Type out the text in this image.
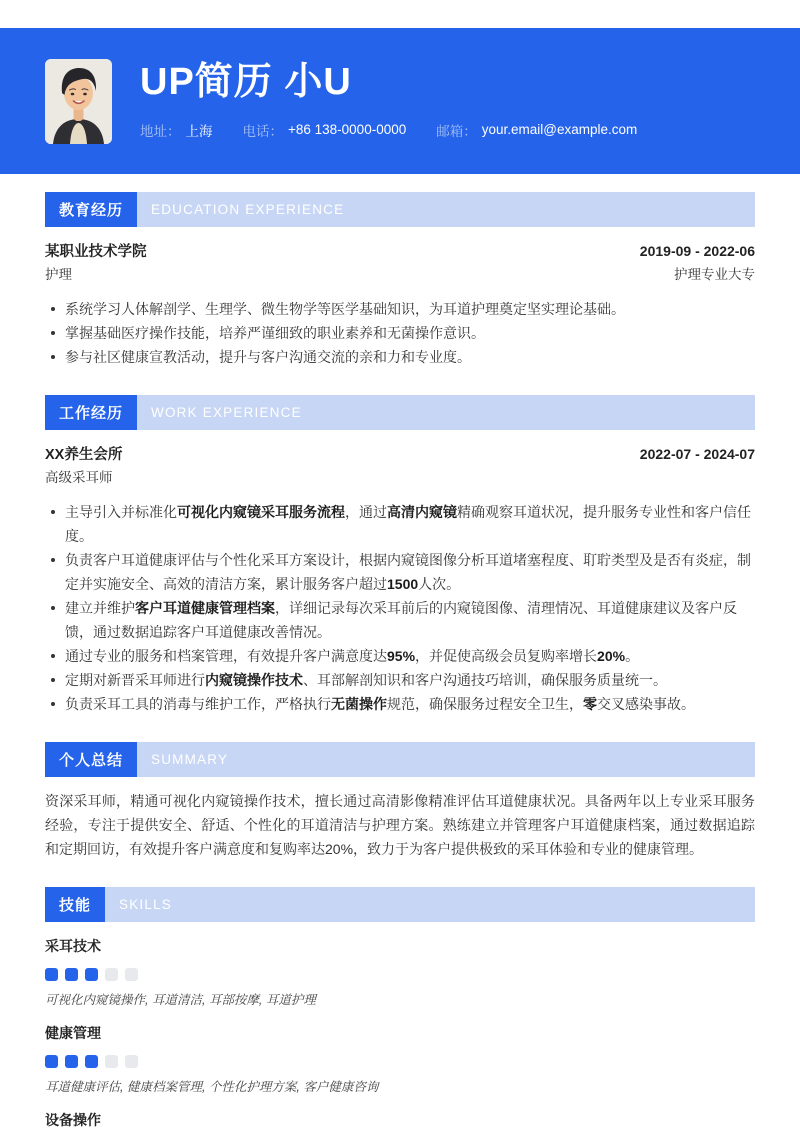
UP简历 小U
地址： 上海 电话： +86 138-0000-0000 邮箱： your.email@example.com
教育经历	EDUCATION EXPERIENCE
某职业技术学院	2019-09 - 2022-06
护理	护理专业大专
系统学习人体解剖学、生理学、微生物学等医学基础知识，为耳道护理奠定坚实理论基础。
掌握基础医疗操作技能，培养严谨细致的职业素养和无菌操作意识。
参与社区健康宣教活动，提升与客户沟通交流的亲和力和专业度。
工作经历	WORK EXPERIENCE
XX养生会所	2022-07 - 2024-07
高级采耳师
主导引入并标准化可视化内窥镜采耳服务流程，通过高清内窥镜精确观察耳道状况，提升服务专业性和客户信任度。
负责客户耳道健康评估与个性化采耳方案设计，根据内窥镜图像分析耳道堵塞程度、耵聍类型及是否有炎症，制定并实施安全、高效的清洁方案，累计服务客户超过1500人次。
建立并维护客户耳道健康管理档案，详细记录每次采耳前后的内窥镜图像、清理情况、耳道健康建议及客户反馈，通过数据追踪客户耳道健康改善情况。
通过专业的服务和档案管理，有效提升客户满意度达95%，并促使高级会员复购率增长20%。
定期对新晋采耳师进行内窥镜操作技术、耳部解剖知识和客户沟通技巧培训，确保服务质量统一。
负责采耳工具的消毒与维护工作，严格执行无菌操作规范，确保服务过程安全卫生，零交叉感染事故。
个人总结	SUMMARY

资深采耳师，精通可视化内窥镜操作技术，擅长通过高清影像精准评估耳道健康状况。具备两年以上专业采耳服务经验，专注于提供安全、舒适、个性化的耳道清洁与护理方案。熟练建立并管理客户耳道健康档案，通过数据追踪和定期回访，有效提升客户满意度和复购率达20%，致力于为客户提供极致的采耳体验和专业的健康管理。

技能	SKILLS
采耳技术
可视化内窥镜操作, 耳道清洁, 耳部按摩, 耳道护理
健康管理
耳道健康评估, 健康档案管理, 个性化护理方案, 客户健康咨询
设备操作
